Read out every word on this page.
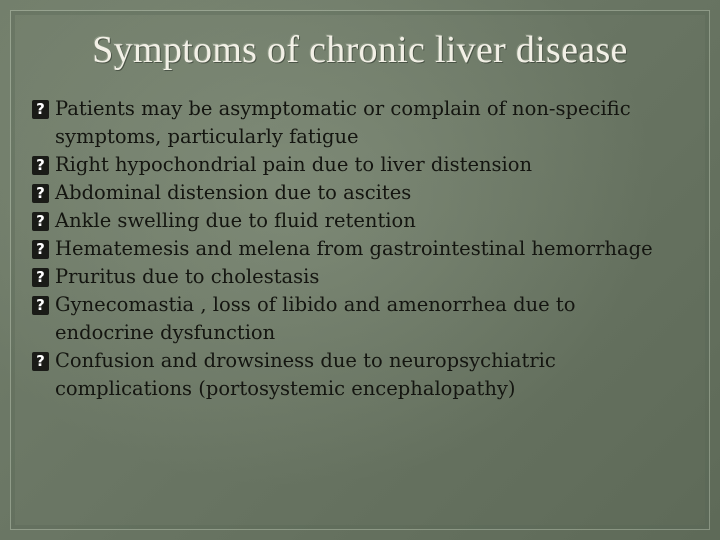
Symptoms of chronic liver disease
? Patients may be asymptomatic or complain of non-specific symptoms, particularly fatigue
? Right hypochondrial pain due to liver distension
? Abdominal distension due to ascites
? Ankle swelling due to fluid retention
? Hematemesis and melena from gastrointestinal hemorrhage
? Pruritus due to cholestasis
? Gynecomastia , loss of libido and amenorrhea due to endocrine dysfunction
? Confusion and drowsiness due to neuropsychiatric complications (portosystemic encephalopathy)
